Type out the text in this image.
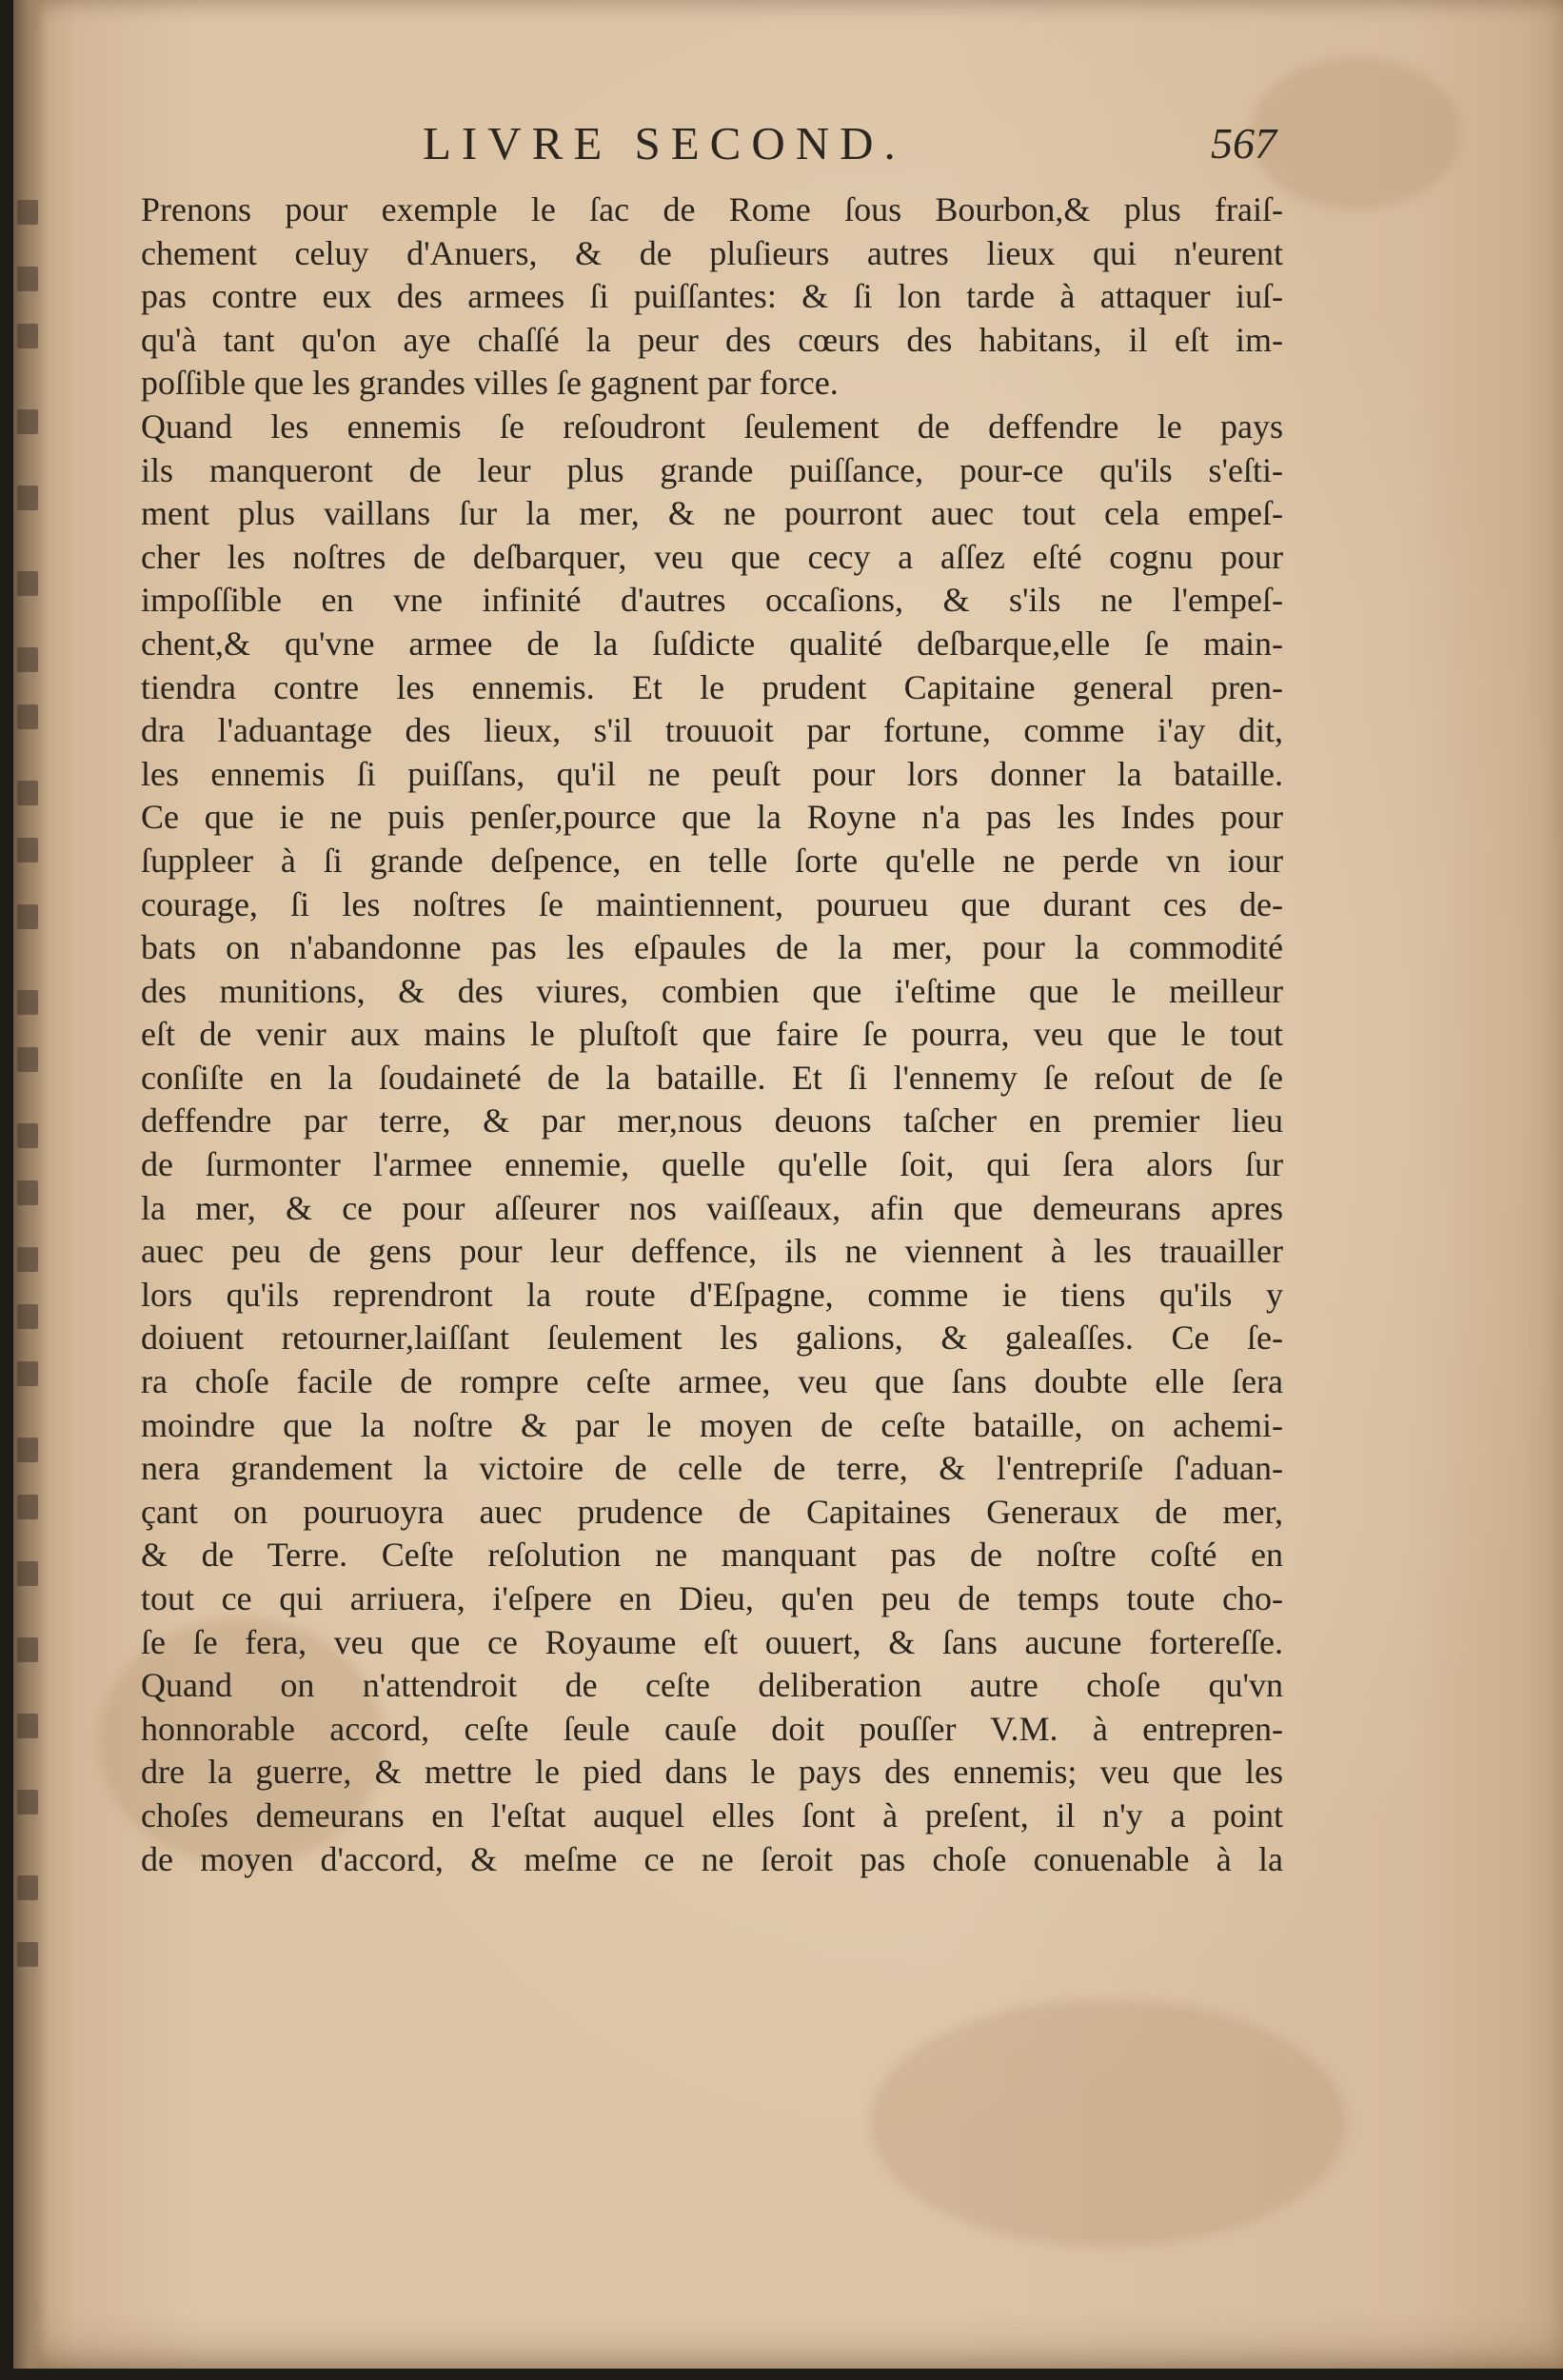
LIVRE SECOND.	567
Prenons pour exemple le ſac de Rome ſous Bourbon,& plus fraiſ-
chement celuy d'Anuers, & de pluſieurs autres lieux qui n'eurent
pas contre eux des armees ſi puiſſantes: & ſi lon tarde à attaquer iuſ-
qu'à tant qu'on aye chaſſé la peur des cœurs des habitans, il eſt im-
poſſible que les grandes villes ſe gagnent par force.
Quand les ennemis ſe reſoudront ſeulement de deffendre le pays
ils manqueront de leur plus grande puiſſance, pour-ce qu'ils s'eſti-
ment plus vaillans ſur la mer, & ne pourront auec tout cela empeſ-
cher les noſtres de deſbarquer, veu que cecy a aſſez eſté cognu pour
impoſſible en vne infinité d'autres occaſions, & s'ils ne l'empeſ-
chent,& qu'vne armee de la ſuſdicte qualité deſbarque,elle ſe main-
tiendra contre les ennemis. Et le prudent Capitaine general pren-
dra l'aduantage des lieux, s'il trouuoit par fortune, comme i'ay dit,
les ennemis ſi puiſſans, qu'il ne peuſt pour lors donner la bataille.
Ce que ie ne puis penſer,pource que la Royne n'a pas les Indes pour
ſuppleer à ſi grande deſpence, en telle ſorte qu'elle ne perde vn iour
courage, ſi les noſtres ſe maintiennent, pourueu que durant ces de-
bats on n'abandonne pas les eſpaules de la mer, pour la commodité
des munitions, & des viures, combien que i'eſtime que le meilleur
eſt de venir aux mains le pluſtoſt que faire ſe pourra, veu que le tout
conſiſte en la ſoudaineté de la bataille. Et ſi l'ennemy ſe reſout de ſe
deffendre par terre, & par mer,nous deuons taſcher en premier lieu
de ſurmonter l'armee ennemie, quelle qu'elle ſoit, qui ſera alors ſur
la mer, & ce pour aſſeurer nos vaiſſeaux, afin que demeurans apres
auec peu de gens pour leur deffence, ils ne viennent à les trauailler
lors qu'ils reprendront la route d'Eſpagne, comme ie tiens qu'ils y
doiuent retourner,laiſſant ſeulement les galions, & galeaſſes. Ce ſe-
ra choſe facile de rompre ceſte armee, veu que ſans doubte elle ſera
moindre que la noſtre & par le moyen de ceſte bataille, on achemi-
nera grandement la victoire de celle de terre, & l'entrepriſe ſ'aduan-
çant on pouruoyra auec prudence de Capitaines Generaux de mer,
& de Terre. Ceſte reſolution ne manquant pas de noſtre coſté en
tout ce qui arriuera, i'eſpere en Dieu, qu'en peu de temps toute cho-
ſe ſe fera, veu que ce Royaume eſt ouuert, & ſans aucune fortereſſe.
Quand on n'attendroit de ceſte deliberation autre choſe qu'vn
honnorable accord, ceſte ſeule cauſe doit pouſſer V.M. à entrepren-
dre la guerre, & mettre le pied dans le pays des ennemis; veu que les
choſes demeurans en l'eſtat auquel elles ſont à preſent, il n'y a point
de moyen d'accord, & meſme ce ne ſeroit pas choſe conuenable à la
